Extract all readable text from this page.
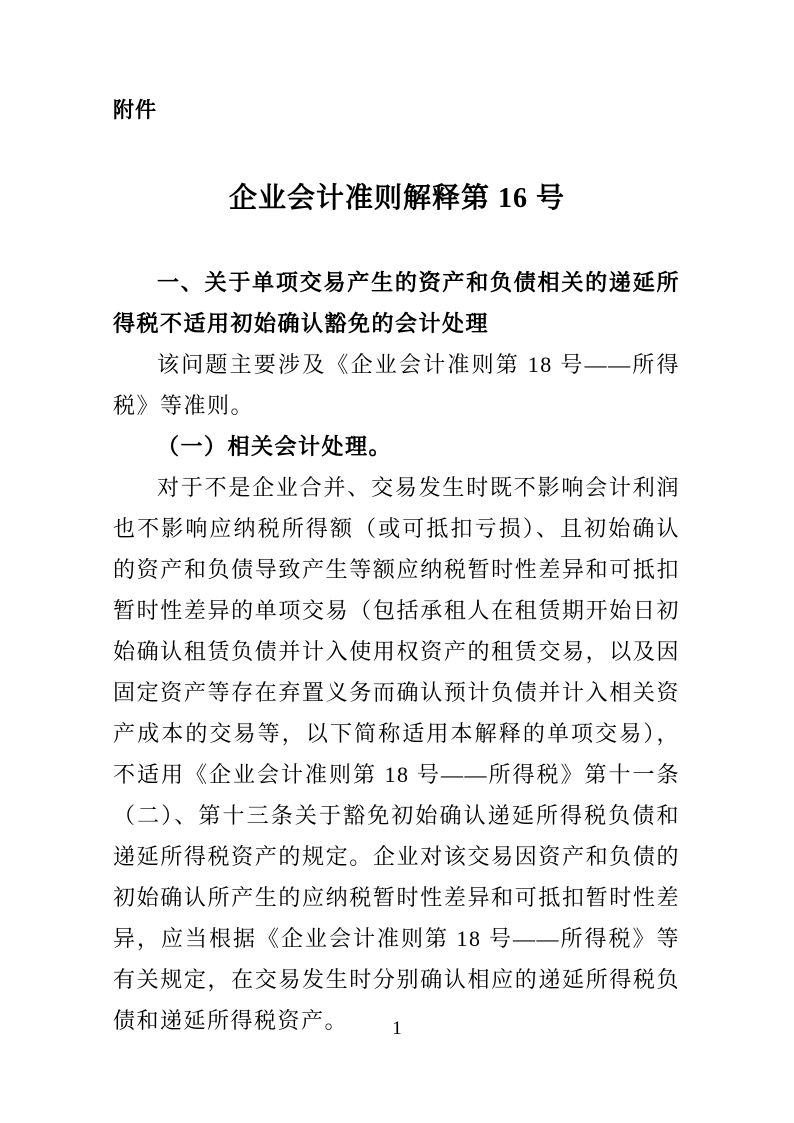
附件
企业会计准则解释第 16 号
一、关于单项交易产生的资产和负债相关的递延所得税不适用初始确认豁免的会计处理

该问题主要涉及《企业会计准则第 18 号——所得税》等准则。

（一）相关会计处理。

对于不是企业合并、交易发生时既不影响会计利润也不影响应纳税所得额（或可抵扣亏损）、且初始确认的资产和负债导致产生等额应纳税暂时性差异和可抵扣暂时性差异的单项交易（包括承租人在租赁期开始日初始确认租赁负债并计入使用权资产的租赁交易，以及因固定资产等存在弃置义务而确认预计负债并计入相关资产成本的交易等，以下简称适用本解释的单项交易），不适用《企业会计准则第 18 号——所得税》第十一条（二）、第十三条关于豁免初始确认递延所得税负债和递延所得税资产的规定。企业对该交易因资产和负债的初始确认所产生的应纳税暂时性差异和可抵扣暂时性差异，应当根据《企业会计准则第 18 号——所得税》等有关规定，在交易发生时分别确认相应的递延所得税负债和递延所得税资产。	1
